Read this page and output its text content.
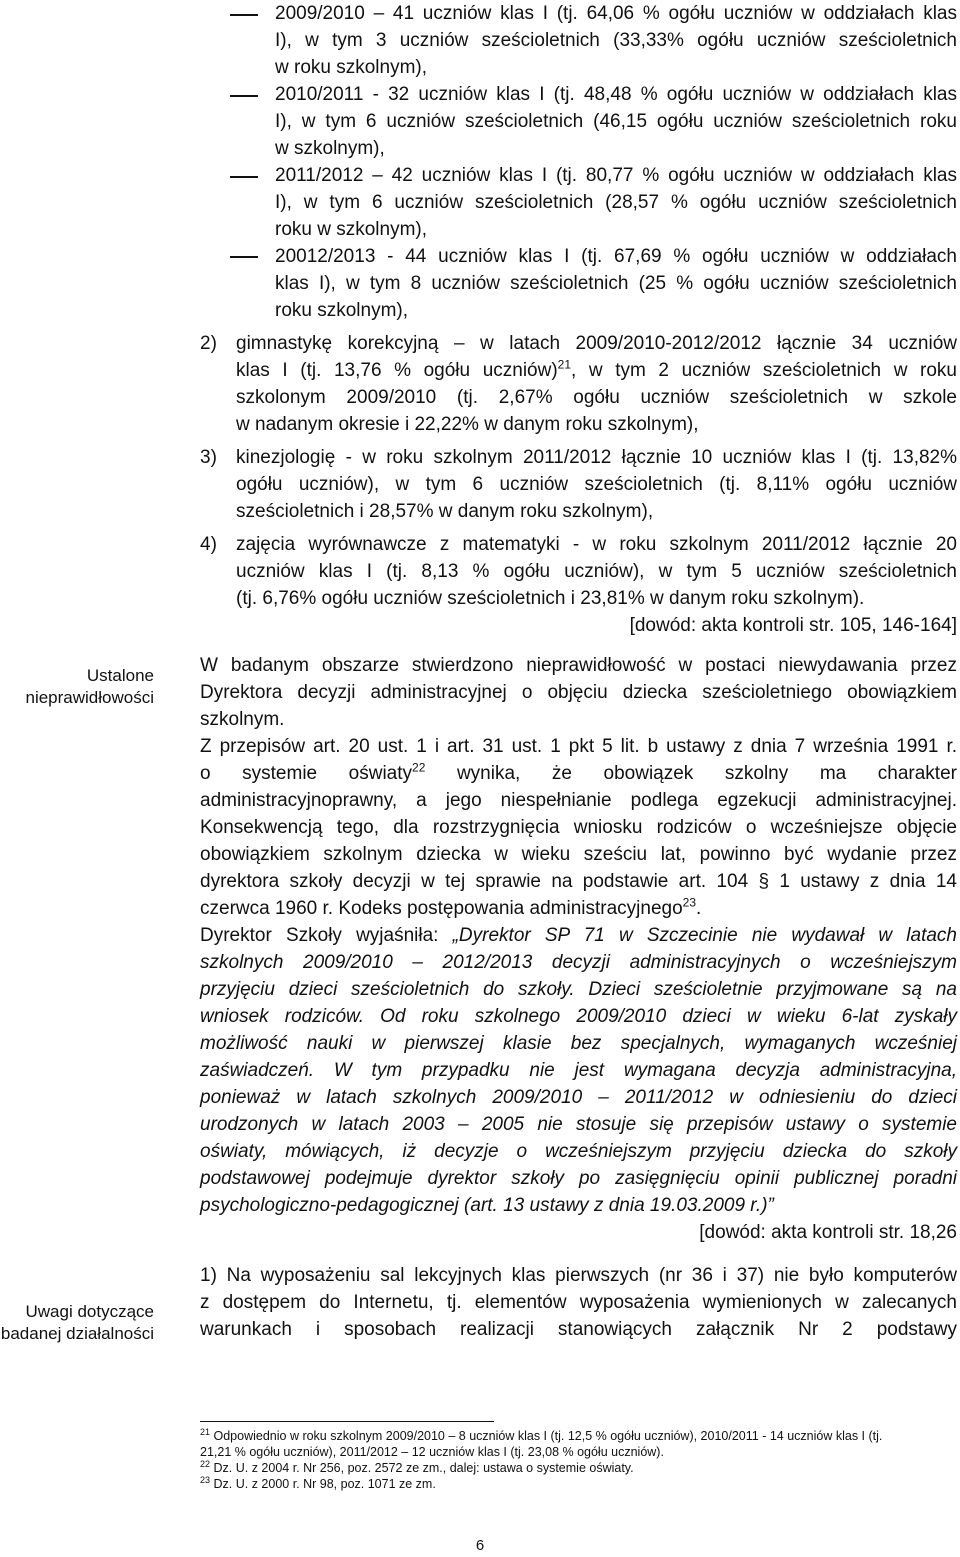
Ustalone
nieprawidłowości
Uwagi dotyczące
badanej działalności
2009/2010 – 41 uczniów klas I (tj. 64,06 % ogółu uczniów w oddziałach klas
I), w tym 3 uczniów sześcioletnich (33,33% ogółu uczniów sześcioletnich
w roku szkolnym),
2010/2011 - 32 uczniów klas I (tj. 48,48 % ogółu uczniów w oddziałach klas
I), w tym 6 uczniów sześcioletnich (46,15 ogółu uczniów sześcioletnich roku
w szkolnym),
2011/2012 – 42 uczniów klas I (tj. 80,77 % ogółu uczniów w oddziałach klas
I), w tym 6 uczniów sześcioletnich (28,57 % ogółu uczniów sześcioletnich
roku w szkolnym),
20012/2013 - 44 uczniów klas I (tj. 67,69 % ogółu uczniów w oddziałach
klas I), w tym 8 uczniów sześcioletnich (25 % ogółu uczniów sześcioletnich
roku szkolnym),
2) gimnastykę korekcyjną – w latach 2009/2010-2012/2012 łącznie 34 uczniów
klas I (tj. 13,76 % ogółu uczniów)$^{21}$, w tym 2 uczniów sześcioletnich w roku
szkolonym 2009/2010 (tj. 2,67% ogółu uczniów sześcioletnich w szkole
w nadanym okresie i 22,22% w danym roku szkolnym),
3) kinezjologię - w roku szkolnym 2011/2012 łącznie 10 uczniów klas I (tj. 13,82%
ogółu uczniów), w tym 6 uczniów sześcioletnich (tj. 8,11% ogółu uczniów
sześcioletnich i 28,57% w danym roku szkolnym),
4) zajęcia wyrównawcze z matematyki - w roku szkolnym 2011/2012 łącznie 20
uczniów klas I (tj. 8,13 % ogółu uczniów), w tym 5 uczniów sześcioletnich
(tj. 6,76% ogółu uczniów sześcioletnich i 23,81% w danym roku szkolnym).
[dowód: akta kontroli str. 105, 146-164]
W badanym obszarze stwierdzono nieprawidłowość w postaci niewydawania przez
Dyrektora decyzji administracyjnej o objęciu dziecka sześcioletniego obowiązkiem
szkolnym.
Z przepisów art. 20 ust. 1 i art. 31 ust. 1 pkt 5 lit. b ustawy z dnia 7 września 1991 r.
o systemie oświaty$^{22}$ wynika, że obowiązek szkolny ma charakter
administracyjnoprawny, a jego niespełnianie podlega egzekucji administracyjnej.
Konsekwencją tego, dla rozstrzygnięcia wniosku rodziców o wcześniejsze objęcie
obowiązkiem szkolnym dziecka w wieku sześciu lat, powinno być wydanie przez
dyrektora szkoły decyzji w tej sprawie na podstawie art. 104 § 1 ustawy z dnia 14
czerwca 1960 r. Kodeks postępowania administracyjnego$^{23}$.
Dyrektor Szkoły wyjaśniła: „Dyrektor SP 71 w Szczecinie nie wydawał w latach
szkolnych 2009/2010 – 2012/2013 decyzji administracyjnych o wcześniejszym
przyjęciu dzieci sześcioletnich do szkoły. Dzieci sześcioletnie przyjmowane są na
wniosek rodziców. Od roku szkolnego 2009/2010 dzieci w wieku 6-lat zyskały
możliwość nauki w pierwszej klasie bez specjalnych, wymaganych wcześniej
zaświadczeń. W tym przypadku nie jest wymagana decyzja administracyjna,
ponieważ w latach szkolnych 2009/2010 – 2011/2012 w odniesieniu do dzieci
urodzonych w latach 2003 – 2005 nie stosuje się przepisów ustawy o systemie
oświaty, mówiących, iż decyzje o wcześniejszym przyjęciu dziecka do szkoły
podstawowej podejmuje dyrektor szkoły po zasięgnięciu opinii publicznej poradni
psychologiczno-pedagogicznej (art. 13 ustawy z dnia 19.03.2009 r.)”
[dowód: akta kontroli str. 18,26
1) Na wyposażeniu sal lekcyjnych klas pierwszych (nr 36 i 37) nie było komputerów
z dostępem do Internetu, tj. elementów wyposażenia wymienionych w zalecanych
warunkach i sposobach realizacji stanowiących załącznik Nr 2 podstawy
$^{21}$ Odpowiednio w roku szkolnym 2009/2010 – 8 uczniów klas I (tj. 12,5 % ogółu uczniów), 2010/2011 - 14 uczniów klas I (tj.
21,21 % ogółu uczniów), 2011/2012 – 12 uczniów klas I (tj. 23,08 % ogółu uczniów).
$^{22}$ Dz. U. z 2004 r. Nr 256, poz. 2572 ze zm., dalej: ustawa o systemie oświaty.
$^{23}$ Dz. U. z 2000 r. Nr 98, poz. 1071 ze zm.
6
